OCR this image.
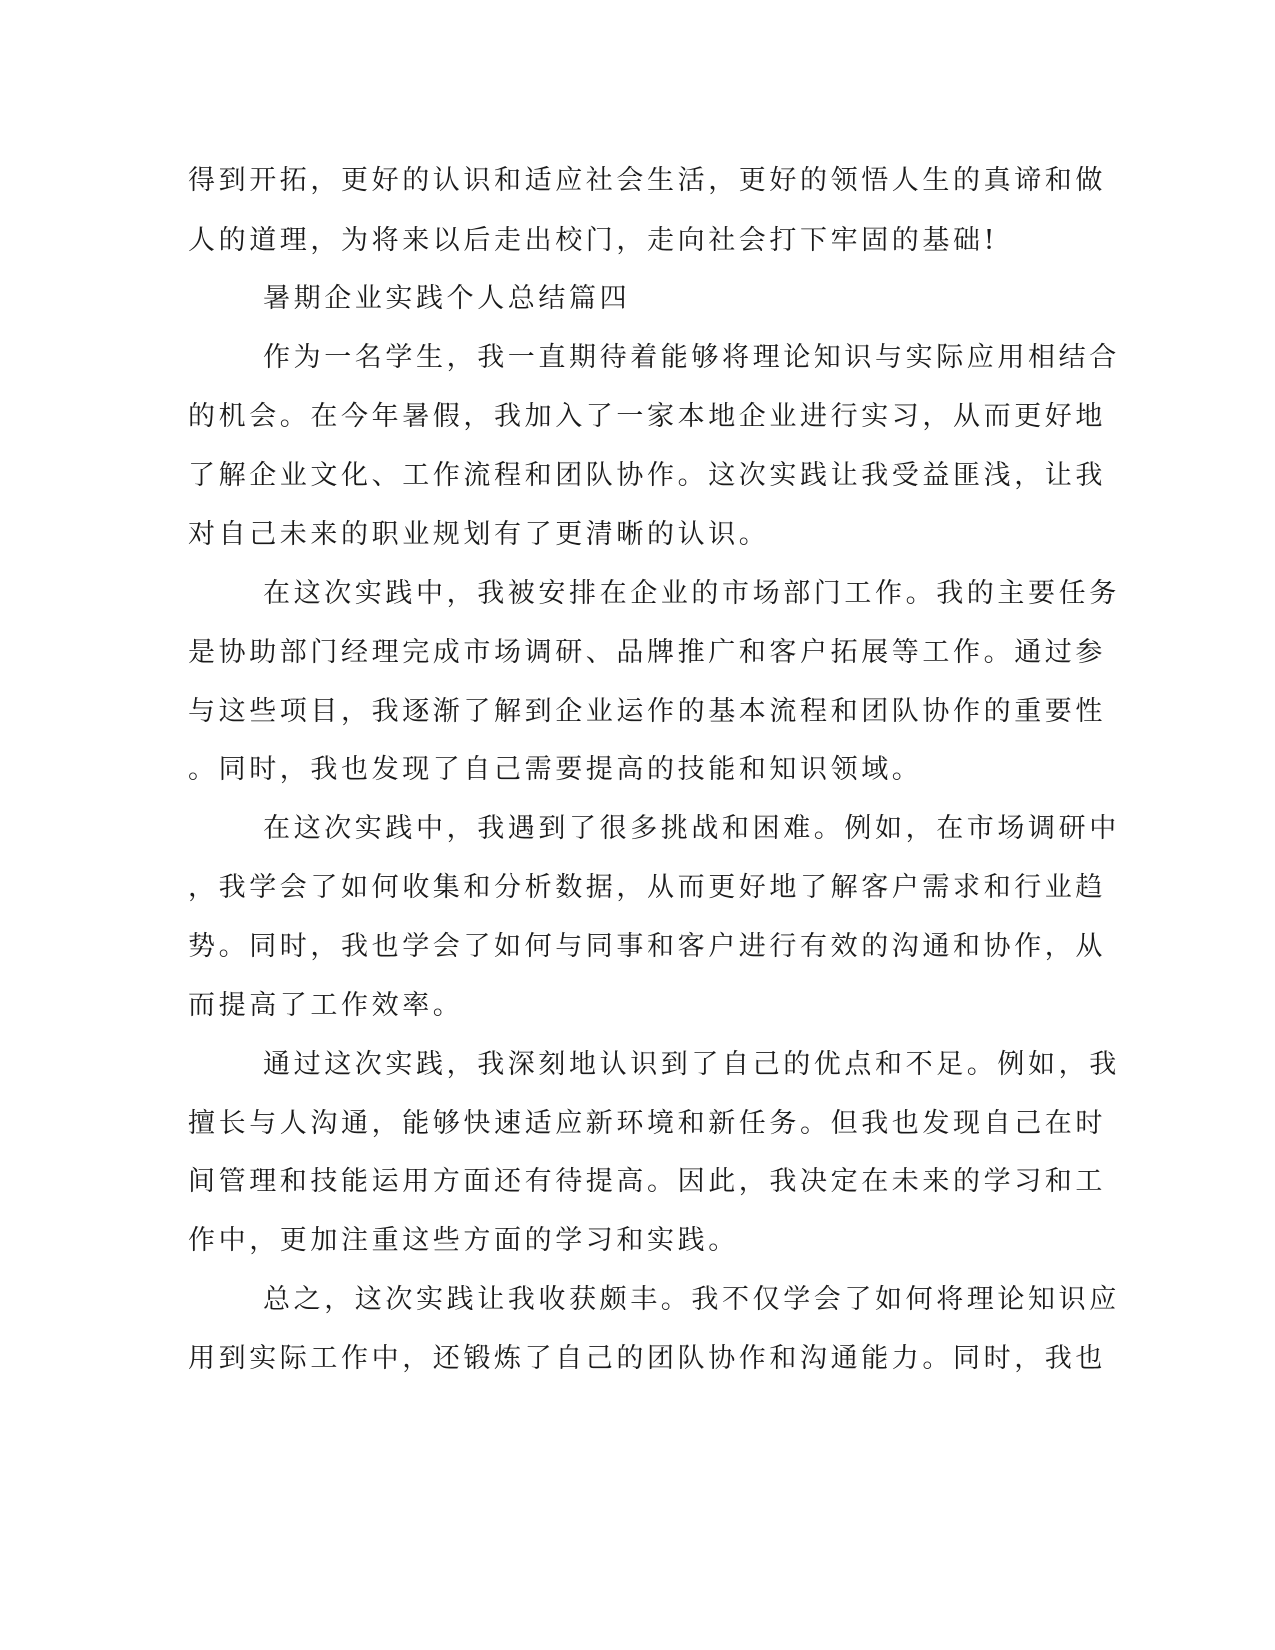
得到开拓，更好的认识和适应社会生活，更好的领悟人生的真谛和做
人的道理，为将来以后走出校门，走向社会打下牢固的基础!
暑期企业实践个人总结篇四
作为一名学生，我一直期待着能够将理论知识与实际应用相结合
的机会。在今年暑假，我加入了一家本地企业进行实习，从而更好地
了解企业文化、工作流程和团队协作。这次实践让我受益匪浅，让我
对自己未来的职业规划有了更清晰的认识。
在这次实践中，我被安排在企业的市场部门工作。我的主要任务
是协助部门经理完成市场调研、品牌推广和客户拓展等工作。通过参
与这些项目，我逐渐了解到企业运作的基本流程和团队协作的重要性
。同时，我也发现了自己需要提高的技能和知识领域。
在这次实践中，我遇到了很多挑战和困难。例如，在市场调研中
，我学会了如何收集和分析数据，从而更好地了解客户需求和行业趋
势。同时，我也学会了如何与同事和客户进行有效的沟通和协作，从
而提高了工作效率。
通过这次实践，我深刻地认识到了自己的优点和不足。例如，我
擅长与人沟通，能够快速适应新环境和新任务。但我也发现自己在时
间管理和技能运用方面还有待提高。因此，我决定在未来的学习和工
作中，更加注重这些方面的学习和实践。
总之，这次实践让我收获颇丰。我不仅学会了如何将理论知识应
用到实际工作中，还锻炼了自己的团队协作和沟通能力。同时，我也
